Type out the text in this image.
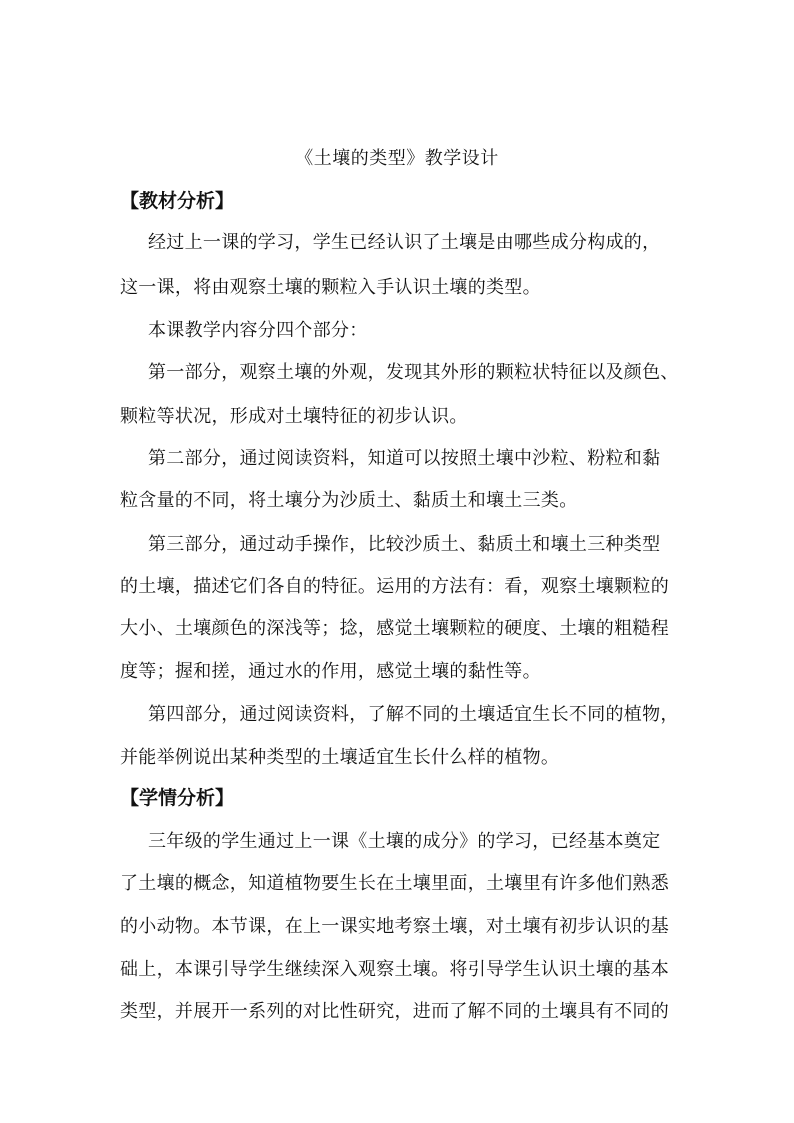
《土壤的类型》教学设计
【教材分析】
经过上一课的学习，学生已经认识了土壤是由哪些成分构成的，
这一课，将由观察土壤的颗粒入手认识土壤的类型。
本课教学内容分四个部分：
第一部分，观察土壤的外观，发现其外形的颗粒状特征以及颜色、
颗粒等状况，形成对土壤特征的初步认识。
第二部分，通过阅读资料，知道可以按照土壤中沙粒、粉粒和黏
粒含量的不同，将土壤分为沙质土、黏质土和壤土三类。
第三部分，通过动手操作，比较沙质土、黏质土和壤土三种类型
的土壤，描述它们各自的特征。运用的方法有：看，观察土壤颗粒的
大小、土壤颜色的深浅等；捻，感觉土壤颗粒的硬度、土壤的粗糙程
度等；握和搓，通过水的作用，感觉土壤的黏性等。
第四部分，通过阅读资料，了解不同的土壤适宜生长不同的植物，
并能举例说出某种类型的土壤适宜生长什么样的植物。
【学情分析】
三年级的学生通过上一课《土壤的成分》的学习，已经基本奠定
了土壤的概念，知道植物要生长在土壤里面，土壤里有许多他们熟悉
的小动物。本节课，在上一课实地考察土壤，对土壤有初步认识的基
础上，本课引导学生继续深入观察土壤。将引导学生认识土壤的基本
类型，并展开一系列的对比性研究，进而了解不同的土壤具有不同的
